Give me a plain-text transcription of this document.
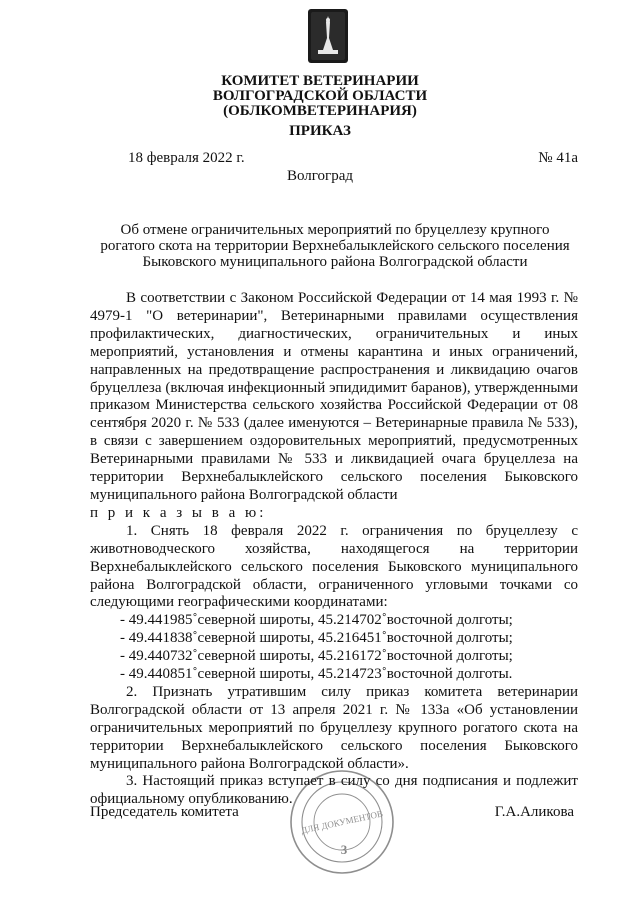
КОМИТЕТ ВЕТЕРИНАРИИ
ВОЛГОГРАДСКОЙ ОБЛАСТИ
(ОБЛКОМВЕТЕРИНАРИЯ)
ПРИКАЗ
18 февраля 2022 г.	№ 41а
Волгоград
Об отмене ограничительных мероприятий по бруцеллезу крупного рогатого скота на территории Верхнебалыклейского сельского поселения Быковского муниципального района Волгоградской области

В соответствии с Законом Российской Федерации от 14 мая 1993 г. № 4979-1 "О ветеринарии", Ветеринарными правилами осуществления профилактических, диагностических, ограничительных и иных мероприятий, установления и отмены карантина и иных ограничений, направленных на предотвращение распространения и ликвидацию очагов бруцеллеза (включая инфекционный эпидидимит баранов), утвержденными приказом Министерства сельского хозяйства Российской Федерации от 08 сентября 2020 г. № 533 (далее именуются – Ветеринарные правила № 533), в связи с завершением оздоровительных мероприятий, предусмотренных Ветеринарными правилами № 533 и ликвидацией очага бруцеллеза на территории Верхнебалыклейского сельского поселения Быковского муниципального района Волгоградской области

п р и к а з ы в а ю:

1. Снять 18 февраля 2022 г. ограничения по бруцеллезу с животноводческого хозяйства, находящегося на территории Верхнебалыклейского сельского поселения Быковского муниципального района Волгоградской области, ограниченного угловыми точками со следующими географическими координатами:

- 49.441985˚северной широты, 45.214702˚восточной долготы;

- 49.441838˚северной широты, 45.216451˚восточной долготы;

- 49.440732˚северной широты, 45.216172˚восточной долготы;

- 49.440851˚северной широты, 45.214723˚восточной долготы.

2. Признать утратившим силу приказ комитета ветеринарии Волгоградской области от 13 апреля 2021 г. № 133а «Об установлении ограничительных мероприятий по бруцеллезу крупного рогатого скота на территории Верхнебалыклейского сельского поселения Быковского муниципального района Волгоградской области».

3. Настоящий приказ вступает в силу со дня подписания и подлежит официальному опубликованию.

Председатель комитета	Г.А.Аликова
ДЛЯ ДОКУМЕНТОВ
3
